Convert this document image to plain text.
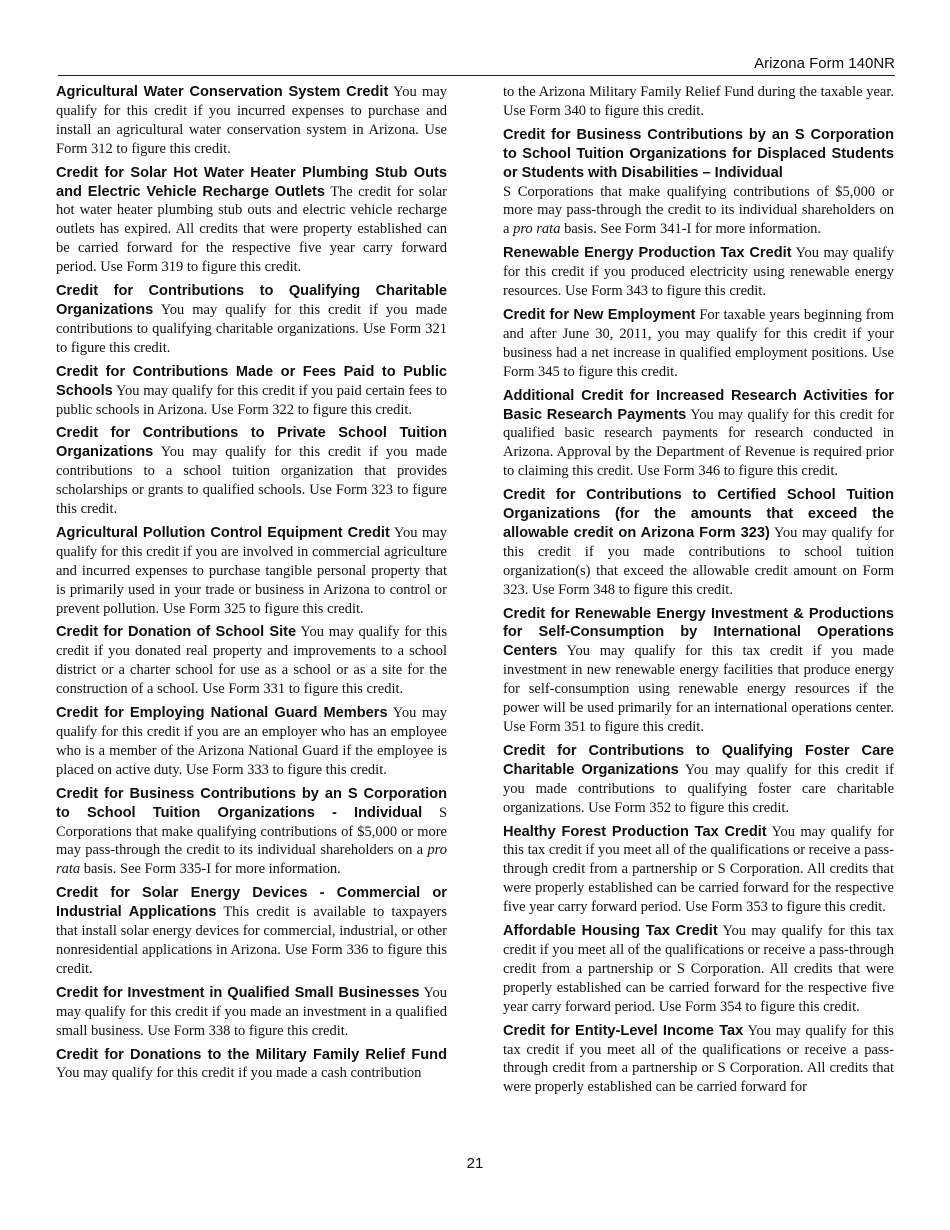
Arizona Form 140NR

Agricultural Water Conservation System Credit You may qualify for this credit if you incurred expenses to purchase and install an agricultural water conservation system in Arizona. Use Form 312 to figure this credit.

Credit for Solar Hot Water Heater Plumbing Stub Outs and Electric Vehicle Recharge Outlets The credit for solar hot water heater plumbing stub outs and electric vehicle recharge outlets has expired. All credits that were property established can be carried forward for the respective five year carry forward period. Use Form 319 to figure this credit.

Credit for Contributions to Qualifying Charitable Organizations You may qualify for this credit if you made contributions to qualifying charitable organizations. Use Form 321 to figure this credit.

Credit for Contributions Made or Fees Paid to Public Schools You may qualify for this credit if you paid certain fees to public schools in Arizona. Use Form 322 to figure this credit.

Credit for Contributions to Private School Tuition Organizations You may qualify for this credit if you made contributions to a school tuition organization that provides scholarships or grants to qualified schools. Use Form 323 to figure this credit.

Agricultural Pollution Control Equipment Credit You may qualify for this credit if you are involved in commercial agriculture and incurred expenses to purchase tangible personal property that is primarily used in your trade or business in Arizona to control or prevent pollution. Use Form 325 to figure this credit.

Credit for Donation of School Site You may qualify for this credit if you donated real property and improvements to a school district or a charter school for use as a school or as a site for the construction of a school. Use Form 331 to figure this credit.

Credit for Employing National Guard Members You may qualify for this credit if you are an employer who has an employee who is a member of the Arizona National Guard if the employee is placed on active duty. Use Form 333 to figure this credit.

Credit for Business Contributions by an S Corporation to School Tuition Organizations - Individual S Corporations that make qualifying contributions of $5,000 or more may pass-through the credit to its individual shareholders on a pro rata basis. See Form 335-I for more information.

Credit for Solar Energy Devices - Commercial or Industrial Applications This credit is available to taxpayers that install solar energy devices for commercial, industrial, or other nonresidential applications in Arizona. Use Form 336 to figure this credit.

Credit for Investment in Qualified Small Businesses You may qualify for this credit if you made an investment in a qualified small business. Use Form 338 to figure this credit.

Credit for Donations to the Military Family Relief Fund You may qualify for this credit if you made a cash contribution

to the Arizona Military Family Relief Fund during the taxable year. Use Form 340 to figure this credit.

Credit for Business Contributions by an S Corporation to School Tuition Organizations for Displaced Students or Students with Disabilities – Individual

S Corporations that make qualifying contributions of $5,000 or more may pass-through the credit to its individual shareholders on a pro rata basis. See Form 341-I for more information.

Renewable Energy Production Tax Credit You may qualify for this credit if you produced electricity using renewable energy resources. Use Form 343 to figure this credit.

Credit for New Employment For taxable years beginning from and after June 30, 2011, you may qualify for this credit if your business had a net increase in qualified employment positions. Use Form 345 to figure this credit.

Additional Credit for Increased Research Activities for Basic Research Payments You may qualify for this credit for qualified basic research payments for research conducted in Arizona. Approval by the Department of Revenue is required prior to claiming this credit. Use Form 346 to figure this credit.

Credit for Contributions to Certified School Tuition Organizations (for the amounts that exceed the allowable credit on Arizona Form 323) You may qualify for this credit if you made contributions to school tuition organization(s) that exceed the allowable credit amount on Form 323. Use Form 348 to figure this credit.

Credit for Renewable Energy Investment & Productions for Self-Consumption by International Operations Centers You may qualify for this tax credit if you made investment in new renewable energy facilities that produce energy for self-consumption using renewable energy resources if the power will be used primarily for an international operations center. Use Form 351 to figure this credit.

Credit for Contributions to Qualifying Foster Care Charitable Organizations You may qualify for this credit if you made contributions to qualifying foster care charitable organizations. Use Form 352 to figure this credit.

Healthy Forest Production Tax Credit You may qualify for this tax credit if you meet all of the qualifications or receive a pass-through credit from a partnership or S Corporation. All credits that were properly established can be carried forward for the respective five year carry forward period. Use Form 353 to figure this credit.

Affordable Housing Tax Credit You may qualify for this tax credit if you meet all of the qualifications or receive a pass-through credit from a partnership or S Corporation. All credits that were properly established can be carried forward for the respective five year carry forward period. Use Form 354 to figure this credit.

Credit for Entity-Level Income Tax You may qualify for this tax credit if you meet all of the qualifications or receive a pass-through credit from a partnership or S Corporation. All credits that were properly established can be carried forward for

21
